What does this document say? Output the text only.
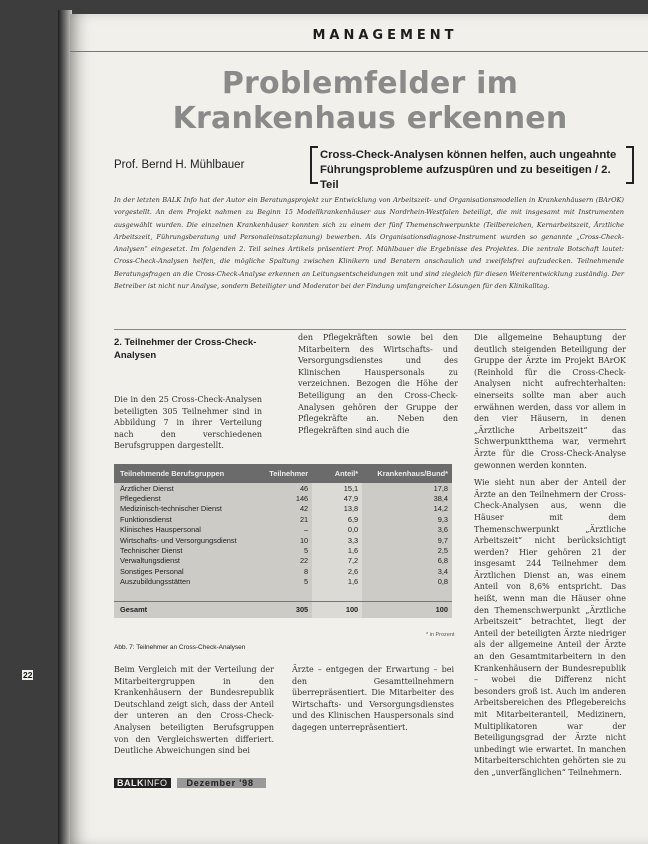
22
MANAGEMENT
Problemfelder im
Krankenhaus erkennen
Prof. Bernd H. Mühlbauer
Cross-Check-Analysen können helfen, auch ungeahnte
Führungsprobleme aufzuspüren und zu beseitigen / 2. Teil
In der letzten BALK Info hat der Autor ein Beratungsprojekt zur Entwicklung von Arbeitszeit- und Organisationsmodellen in Krankenhäusern (BArOK) vorgestellt. An dem Projekt nahmen zu Beginn 15 Modellkrankenhäuser aus Nordrhein-Westfalen beteiligt, die mit insgesamt mit Instrumenten ausgewählt wurden. Die einzelnen Krankenhäuser konnten sich zu einem der fünf Themenschwerpunkte (Teilbereichen, Kernarbeitszeit, Ärztliche Arbeitszeit, Führungsberatung und Personaleinsatzplanung) bewerben. Als Organisationsdiagnose-Instrument wurden so genannte „Cross-Check-Analysen“ eingesetzt. Im folgenden 2. Teil seines Artikels präsentiert Prof. Mühlbauer die Ergebnisse des Projektes. Die zentrale Botschaft lautet: Cross-Check-Analysen helfen, die mögliche Spaltung zwischen Klinikern und Beratern anschaulich und zweifelsfrei aufzudecken. Teilnehmende Beratungsfragen an die Cross-Check-Analyse erkennen an Leitungsentscheidungen mit und sind ziegleich für diesen Weiterentwicklung zuständig. Der Betreiber ist nicht nur Analyse, sondern Beteiligter und Moderator bei der Findung umfangreicher Lösungen für den Klinikalltag.
2. Teilnehmer der Cross-Check-Analysen
Die in den 25 Cross-Check-Analysen beteiligten 305 Teilnehmer sind in Abbildung 7 in ihrer Verteilung nach den verschiedenen Berufsgruppen dargestellt.
den Pflegekräften sowie bei den Mitarbeitern des Wirtschafts- und Versorgungsdienstes und des Klinischen Hauspersonals zu verzeichnen. Bezogen die Höhe der Beteiligung an den Cross-Check-Analysen gehören der Gruppe der Pflegekräfte an. Neben den Pflegekräften sind auch die

Die allgemeine Behauptung der deutlich steigenden Beteiligung der Gruppe der Ärzte im Projekt BArOK (Reinhold für die Cross-Check-Analysen nicht aufrechterhalten: einerseits sollte man aber auch erwähnen werden, dass vor allem in den vier Häusern, in denen „Ärztliche Arbeitszeit“ das Schwerpunktthema war, vermehrt Ärzte für die Cross-Check-Analyse gewonnen werden konnten.

Wie sieht nun aber der Anteil der Ärzte an den Teilnehmern der Cross-Check-Analysen aus, wenn die Häuser mit dem Themenschwerpunkt „Ärztliche Arbeitszeit“ nicht berücksichtigt werden? Hier gehören 21 der insgesamt 244 Teilnehmer dem Ärztlichen Dienst an, was einem Anteil von 8,6% entspricht. Das heißt, wenn man die Häuser ohne den Themenschwerpunkt „Ärztliche Arbeitszeit“ betrachtet, liegt der Anteil der beteiligten Ärzte niedriger als der allgemeine Anteil der Ärzte an den Gesamtmitarbeitern in den Krankenhäusern der Bundesrepublik – wobei die Differenz nicht besonders groß ist. Auch im anderen Arbeitsbereichen des Pflegebereichs mit Mitarbeiteranteil, Medizinern, Multiplikatoren war der Beteiligungsgrad der Ärzte nicht unbedingt wie erwartet. In manchen Mitarbeiterschichten gehörten sie zu den „unverfänglichen“ Teilnehmern.

Teilnehmende Berufsgruppen	Teilnehmer	Anteil*	Krankenhaus/Bund*
Ärztlicher Dienst	46	15,1	17,8
Pflegedienst	146	47,9	38,4
Medizinisch-technischer Dienst	42	13,8	14,2
Funktionsdienst	21	6,9	9,3
Klinisches Hauspersonal	–	0,0	3,6
Wirtschafts- und Versorgungsdienst	10	3,3	9,7
Technischer Dienst	5	1,6	2,5
Verwaltungsdienst	22	7,2	6,8
Sonstiges Personal	8	2,6	3,4
Auszubildungsstätten	5	1,6	0,8

Gesamt	305	100	100
* in Prozent
Abb. 7: Teilnehmer an Cross-Check-Analysen
Beim Vergleich mit der Verteilung der Mitarbeitergruppen in den Krankenhäusern der Bundesrepublik Deutschland zeigt sich, dass der Anteil der unteren an den Cross-Check-Analysen beteiligten Berufsgruppen von den Vergleichswerten differiert. Deutliche Abweichungen sind bei
Ärzte – entgegen der Erwartung – bei den Gesamtteilnehmern überrepräsentiert. Die Mitarbeiter des Wirtschafts- und Versorgungsdienstes und des Klinischen Hauspersonals sind dagegen unterrepräsentiert.
BALKINFO	Dezember '98
